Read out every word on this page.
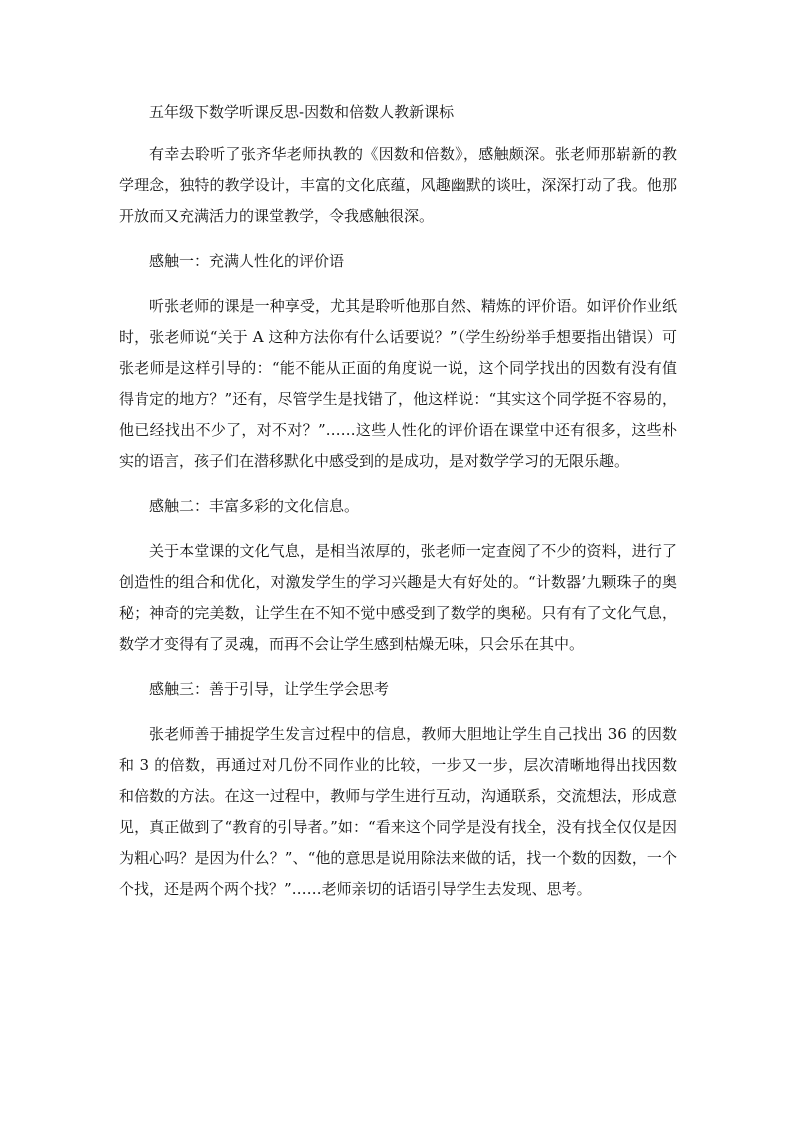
五年级下数学听课反思-因数和倍数人教新课标

有幸去聆听了张齐华老师执教的《因数和倍数》，感触颇深。张老师那崭新的教学理念，独特的教学设计，丰富的文化底蕴，风趣幽默的谈吐，深深打动了我。他那开放而又充满活力的课堂教学，令我感触很深。

感触一：充满人性化的评价语

听张老师的课是一种享受，尤其是聆听他那自然、精炼的评价语。如评价作业纸时，张老师说“关于 A 这种方法你有什么话要说？”（学生纷纷举手想要指出错误）可张老师是这样引导的：“能不能从正面的角度说一说，这个同学找出的因数有没有值得肯定的地方？”还有，尽管学生是找错了，他这样说：“其实这个同学挺不容易的，他已经找出不少了，对不对？”……这些人性化的评价语在课堂中还有很多，这些朴实的语言，孩子们在潜移默化中感受到的是成功，是对数学学习的无限乐趣。

感触二：丰富多彩的文化信息。

关于本堂课的文化气息，是相当浓厚的，张老师一定查阅了不少的资料，进行了创造性的组合和优化，对激发学生的学习兴趣是大有好处的。“计数器’九颗珠子的奥秘；神奇的完美数，让学生在不知不觉中感受到了数学的奥秘。只有有了文化气息，数学才变得有了灵魂，而再不会让学生感到枯燥无味，只会乐在其中。

感触三：善于引导，让学生学会思考

张老师善于捕捉学生发言过程中的信息，教师大胆地让学生自己找出 36 的因数和 3 的倍数，再通过对几份不同作业的比较，一步又一步，层次清晰地得出找因数和倍数的方法。在这一过程中，教师与学生进行互动，沟通联系，交流想法，形成意见，真正做到了“教育的引导者。”如：“看来这个同学是没有找全，没有找全仅仅是因为粗心吗？是因为什么？”、“他的意思是说用除法来做的话，找一个数的因数，一个个找，还是两个两个找？”……老师亲切的话语引导学生去发现、思考。
